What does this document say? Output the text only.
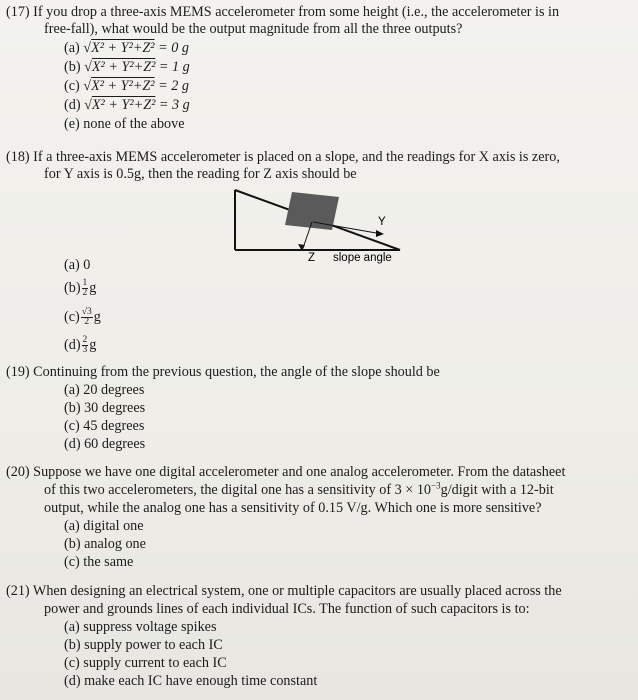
(17) If you drop a three-axis MEMS accelerometer from some height (i.e., the accelerometer is in
free-fall), what would be the output magnitude from all the three outputs?
(a) √X² + Y²+Z² = 0 g
(b) √X² + Y²+Z² = 1 g
(c) √X² + Y²+Z² = 2 g
(d) √X² + Y²+Z² = 3 g
(e) none of the above
(18) If a three-axis MEMS accelerometer is placed on a slope, and the readings for X axis is zero,
for Y axis is 0.5g, then the reading for Z axis should be
Y
Z slope angle
(a) 0
$(b) \frac{1}{2}$ g
$(c) \frac{√3}{2}$ g
$(d) \frac{2}{3}$ g
(19) Continuing from the previous question, the angle of the slope should be
(a) 20 degrees
(b) 30 degrees
(c) 45 degrees
(d) 60 degrees
(20) Suppose we have one digital accelerometer and one analog accelerometer. From the datasheet
of this two accelerometers, the digital one has a sensitivity of $3 \times 10^{-3}g$/digit with a 12-bit
output, while the analog one has a sensitivity of 0.15 V/g. Which one is more sensitive?
(a) digital one
(b) analog one
(c) the same
(21) When designing an electrical system, one or multiple capacitors are usually placed across the
power and grounds lines of each individual ICs. The function of such capacitors is to:
(a) suppress voltage spikes
(b) supply power to each IC
(c) supply current to each IC
(d) make each IC have enough time constant
